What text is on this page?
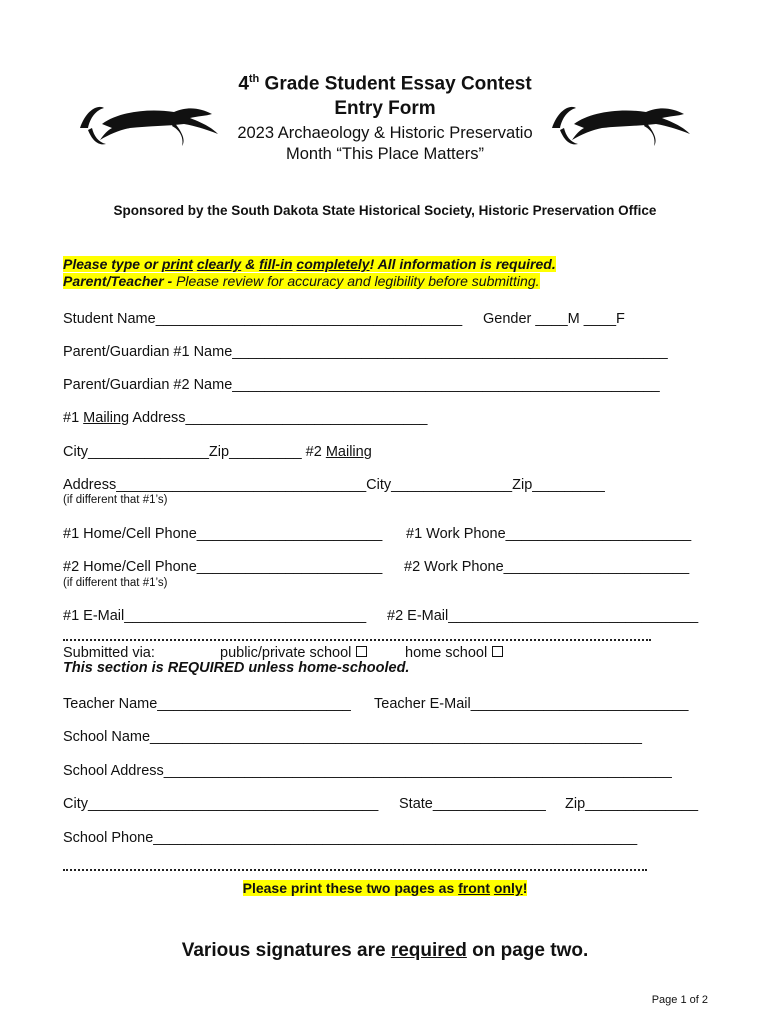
4th Grade Student Essay Contest
Entry Form
2023 Archaeology & Historic Preservatio
Month “This Place Matters”
Sponsored by the South Dakota State Historical Society, Historic Preservation Office
Please type or print clearly & fill-in completely! All information is required.
Parent/Teacher - Please review for accuracy and legibility before submitting.
Student Name______________________________________ Gender ____M ____F
Parent/Guardian #1 Name______________________________________________________
Parent/Guardian #2 Name_____________________________________________________
#1 Mailing Address______________________________
City_______________Zip_________ #2 Mailing
Address_______________________________City_______________Zip_________
(if different that #1’s)
#1 Home/Cell Phone_______________________ #1 Work Phone_______________________
#2 Home/Cell Phone_______________________ #2 Work Phone_______________________
(if different that #1’s)
#1 E-Mail______________________________ #2 E-Mail_______________________________
Submitted via:	public/private school	home school
This section is REQUIRED unless home-schooled.
Teacher Name________________________ Teacher E-Mail___________________________
School Name_____________________________________________________________
School Address_______________________________________________________________
City____________________________________ State______________ Zip______________
School Phone____________________________________________________________
Please print these two pages as front only!
Various signatures are required on page two.
Page 1 of 2
